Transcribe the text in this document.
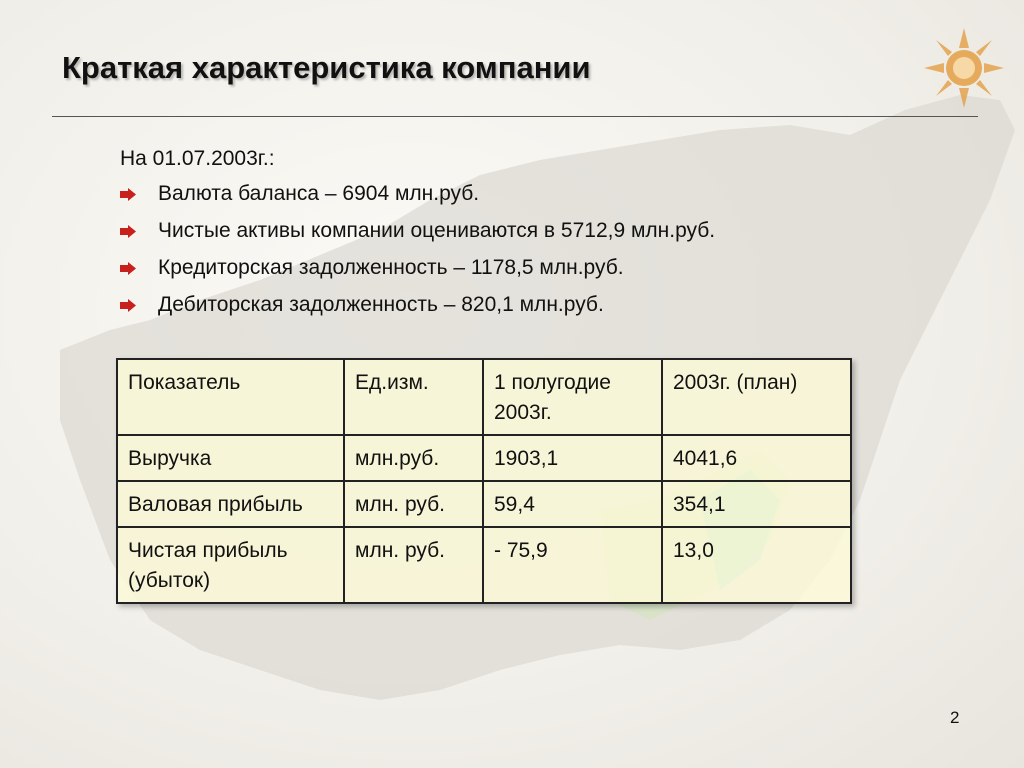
Краткая характеристика компании
На 01.07.2003г.:
Валюта баланса – 6904 млн.руб.
Чистые активы компании оцениваются в 5712,9 млн.руб.
Кредиторская задолженность – 1178,5 млн.руб.
Дебиторская задолженность – 820,1 млн.руб.
Показатель	Ед.изм.	1 полугодие 2003г.	2003г. (план)
Выручка	млн.руб.	1903,1	4041,6
Валовая прибыль	млн. руб.	59,4	354,1
Чистая прибыль (убыток)	млн. руб.	- 75,9	13,0
2
